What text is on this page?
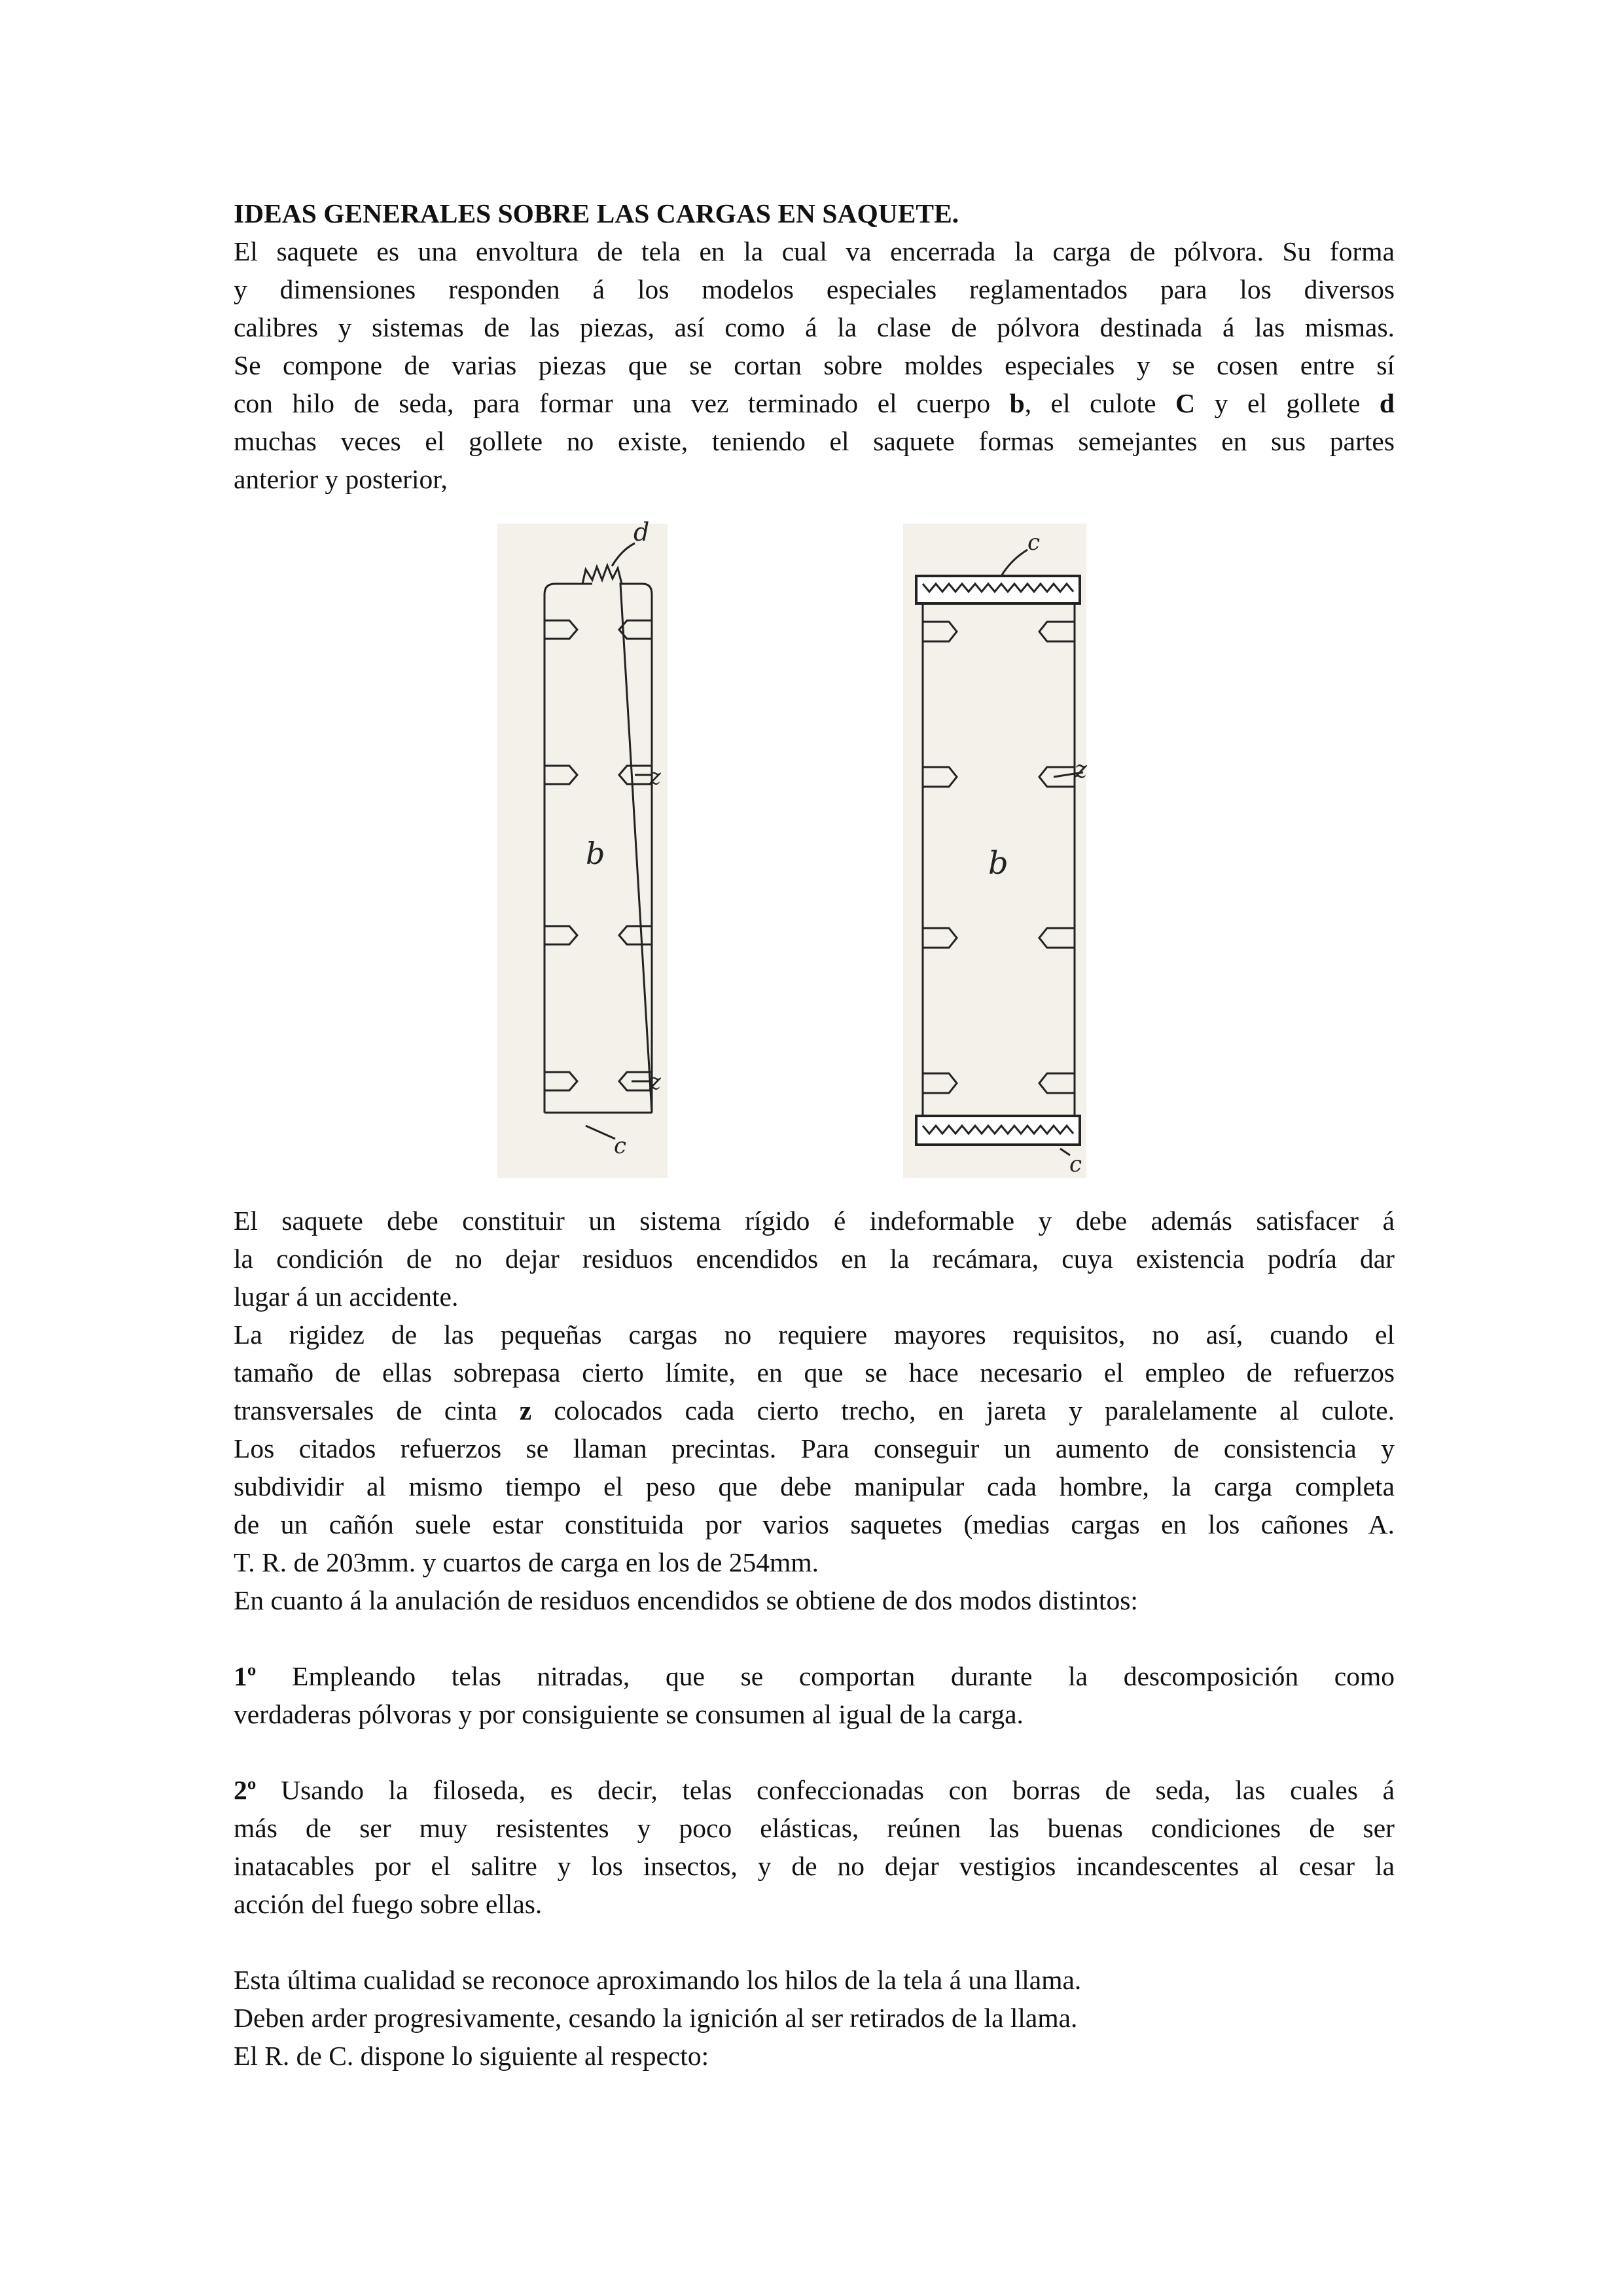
IDEAS GENERALES SOBRE LAS CARGAS EN SAQUETE.

El saquete es una envoltura de tela en la cual va encerrada la carga de pólvora. Su forma

y dimensiones responden á los modelos especiales reglamentados para los diversos

calibres y sistemas de las piezas, así como á la clase de pólvora destinada á las mismas.

Se compone de varias piezas que se cortan sobre moldes especiales y se cosen entre sí

con hilo de seda, para formar una vez terminado el cuerpo b, el culote C y el gollete d

muchas veces el gollete no existe, teniendo el saquete formas semejantes en sus partes

anterior y posterior,

d
z
z
b
c
c
z
b
c

El saquete debe constituir un sistema rígido é indeformable y debe además satisfacer á

la condición de no dejar residuos encendidos en la recámara, cuya existencia podría dar

lugar á un accidente.

La rigidez de las pequeñas cargas no requiere mayores requisitos, no así, cuando el

tamaño de ellas sobrepasa cierto límite, en que se hace necesario el empleo de refuerzos

transversales de cinta z colocados cada cierto trecho, en jareta y paralelamente al culote.

Los citados refuerzos se llaman precintas. Para conseguir un aumento de consistencia y

subdividir al mismo tiempo el peso que debe manipular cada hombre, la carga completa

de un cañón suele estar constituida por varios saquetes (medias cargas en los cañones A.

T. R. de 203mm. y cuartos de carga en los de 254mm.

En cuanto á la anulación de residuos encendidos se obtiene de dos modos distintos:

1º Empleando telas nitradas, que se comportan durante la descomposición como

verdaderas pólvoras y por consiguiente se consumen al igual de la carga.

2º Usando la filoseda, es decir, telas confeccionadas con borras de seda, las cuales á

más de ser muy resistentes y poco elásticas, reúnen las buenas condiciones de ser

inatacables por el salitre y los insectos, y de no dejar vestigios incandescentes al cesar la

acción del fuego sobre ellas.

Esta última cualidad se reconoce aproximando los hilos de la tela á una llama.

Deben arder progresivamente, cesando la ignición al ser retirados de la llama.

El R. de C. dispone lo siguiente al respecto:
